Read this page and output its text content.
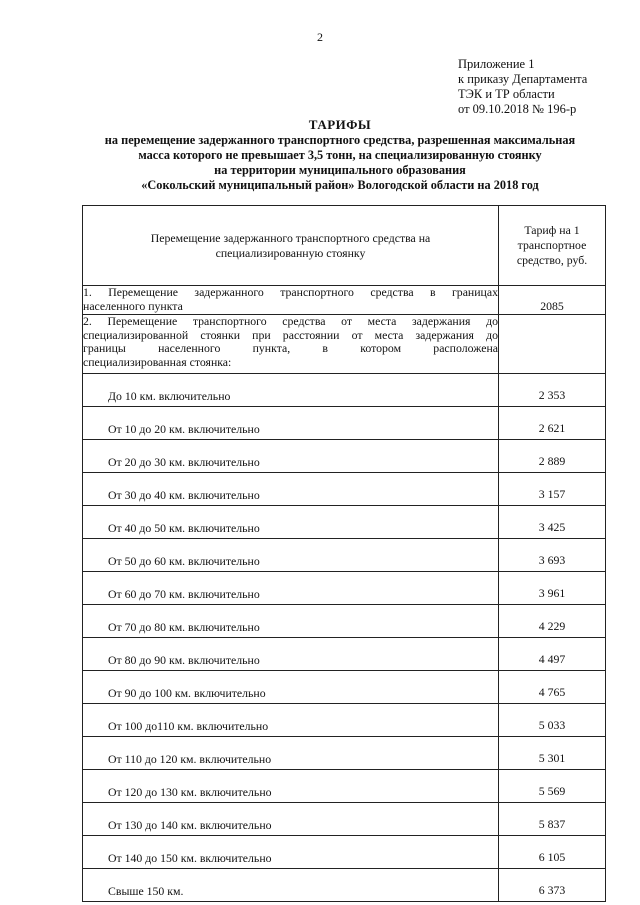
2
Приложение 1
к приказу Департамента
ТЭК и ТР области
от 09.10.2018 № 196-р
ТАРИФЫ
на перемещение задержанного транспортного средства, разрешенная максимальная
масса которого не превышает 3,5 тонн, на специализированную стоянку
на территории муниципального образования
«Сокольский муниципальный район» Вологодской области на 2018 год
Перемещение задержанного транспортного средства на
специализированную стоянку	Тариф на 1
транспортное
средство, руб.

1. Перемещение задержанного транспортного средства в границах
населенного пункта	2085

2. Перемещение транспортного средства от места задержания до
специализированной стоянки при расстоянии от места задержания до
границы населенного пункта, в котором расположена
специализированная стоянка:	

До 10 км. включительно	2 353
От 10 до 20 км. включительно	2 621
От 20 до 30 км. включительно	2 889
От 30 до 40 км. включительно	3 157
От 40 до 50 км. включительно	3 425
От 50 до 60 км. включительно	3 693
От 60 до 70 км. включительно	3 961
От 70 до 80 км. включительно	4 229
От 80 до 90 км. включительно	4 497
От 90 до 100 км. включительно	4 765
От 100 до110 км. включительно	5 033
От 110 до 120 км. включительно	5 301
От 120 до 130 км. включительно	5 569
От 130 до 140 км. включительно	5 837
От 140 до 150 км. включительно	6 105
Свыше 150 км.	6 373
